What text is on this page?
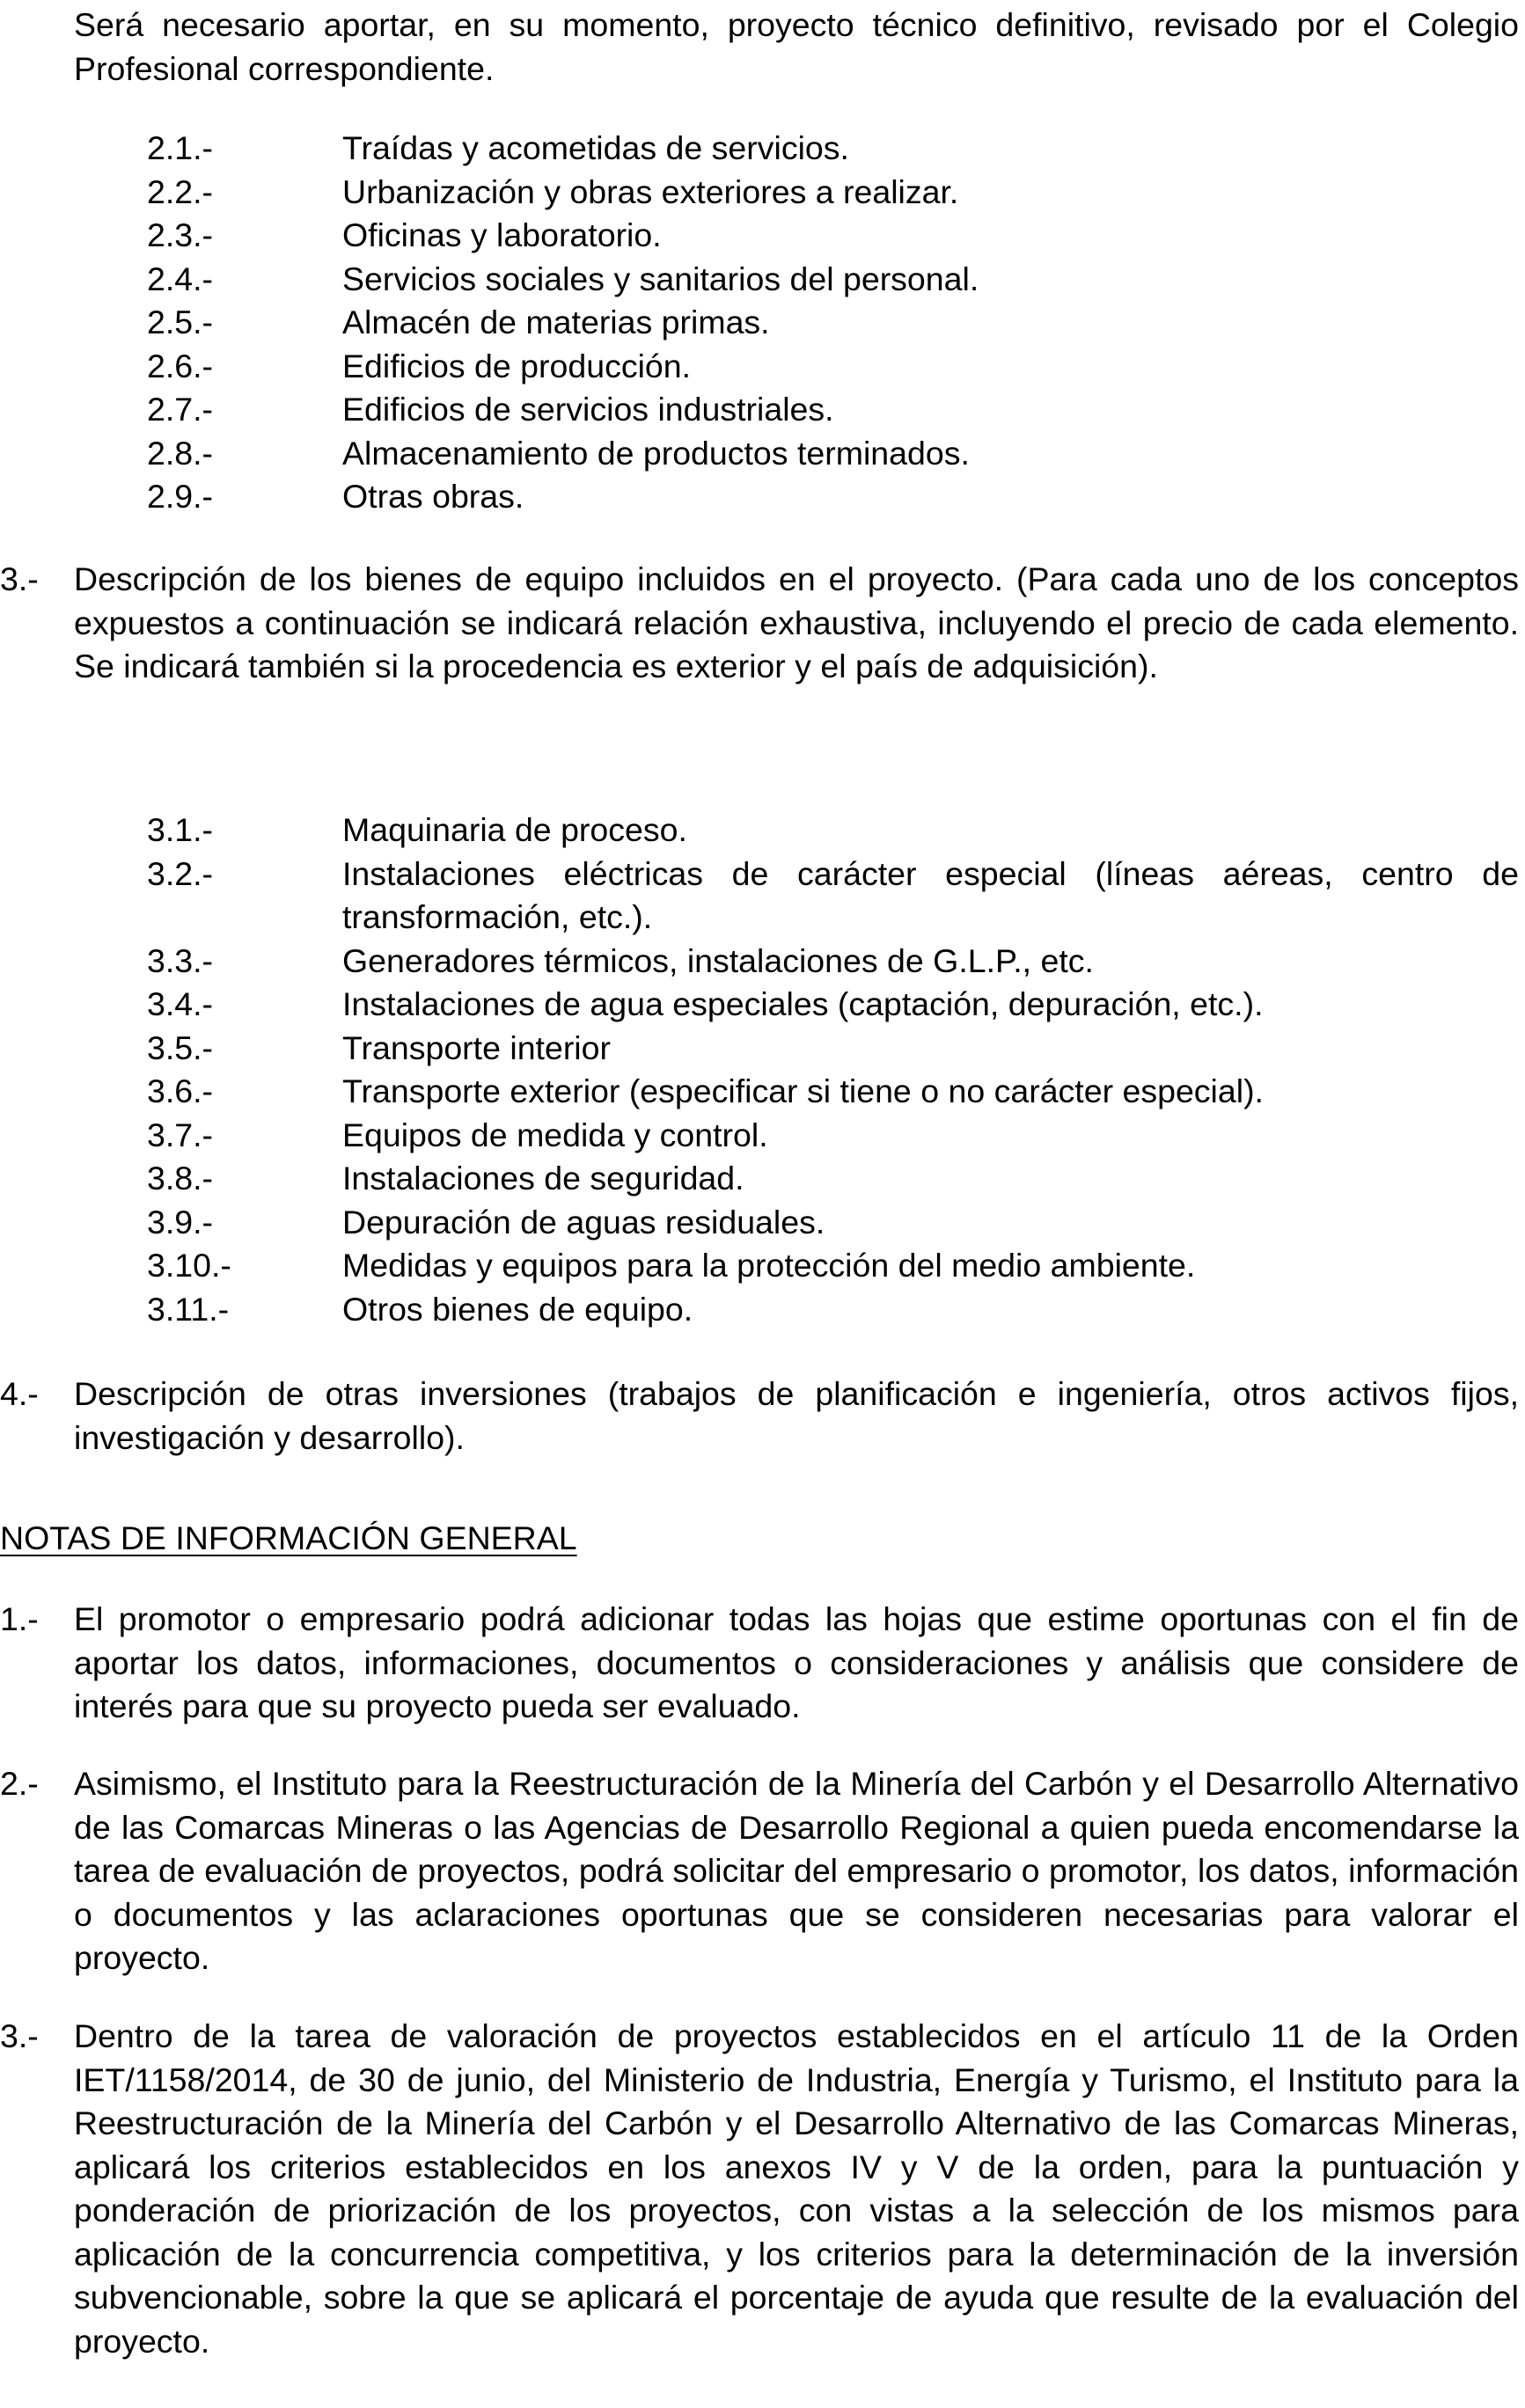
Será necesario aportar, en su momento, proyecto técnico definitivo, revisado por el Colegio Profesional correspondiente.
2.1.-	Traídas y acometidas de servicios.
2.2.-	Urbanización y obras exteriores a realizar.
2.3.-	Oficinas y laboratorio.
2.4.-	Servicios sociales y sanitarios del personal.
2.5.-	Almacén de materias primas.
2.6.-	Edificios de producción.
2.7.-	Edificios de servicios industriales.
2.8.-	Almacenamiento de productos terminados.
2.9.-	Otras obras.
3.- Descripción de los bienes de equipo incluidos en el proyecto. (Para cada uno de los conceptos expuestos a continuación se indicará relación exhaustiva, incluyendo el precio de cada elemento. Se indicará también si la procedencia es exterior y el país de adquisición).
3.1.-	Maquinaria de proceso.
3.2.-	Instalaciones eléctricas de carácter especial (líneas aéreas, centro de transformación, etc.).
3.3.-	Generadores térmicos, instalaciones de G.L.P., etc.
3.4.-	Instalaciones de agua especiales (captación, depuración, etc.).
3.5.-	Transporte interior
3.6.-	Transporte exterior (especificar si tiene o no carácter especial).
3.7.-	Equipos de medida y control.
3.8.-	Instalaciones de seguridad.
3.9.-	Depuración de aguas residuales.
3.10.-	Medidas y equipos para la protección del medio ambiente.
3.11.-	Otros bienes de equipo.
4.- Descripción de otras inversiones (trabajos de planificación e ingeniería, otros activos fijos, investigación y desarrollo).
NOTAS DE INFORMACIÓN GENERAL
1.- El promotor o empresario podrá adicionar todas las hojas que estime oportunas con el fin de aportar los datos, informaciones, documentos o consideraciones y análisis que considere de interés para que su proyecto pueda ser evaluado.
2.- Asimismo, el Instituto para la Reestructuración de la Minería del Carbón y el Desarrollo Alternativo de las Comarcas Mineras o las Agencias de Desarrollo Regional a quien pueda encomendarse la tarea de evaluación de proyectos, podrá solicitar del empresario o promotor, los datos, información o documentos y las aclaraciones oportunas que se consideren necesarias para valorar el proyecto.
3.- Dentro de la tarea de valoración de proyectos establecidos en el artículo 11 de la Orden IET/1158/2014, de 30 de junio, del Ministerio de Industria, Energía y Turismo, el Instituto para la Reestructuración de la Minería del Carbón y el Desarrollo Alternativo de las Comarcas Mineras, aplicará los criterios establecidos en los anexos IV y V de la orden, para la puntuación y ponderación de priorización de los proyectos, con vistas a la selección de los mismos para aplicación de la concurrencia competitiva, y los criterios para la determinación de la inversión subvencionable, sobre la que se aplicará el porcentaje de ayuda que resulte de la evaluación del proyecto.
